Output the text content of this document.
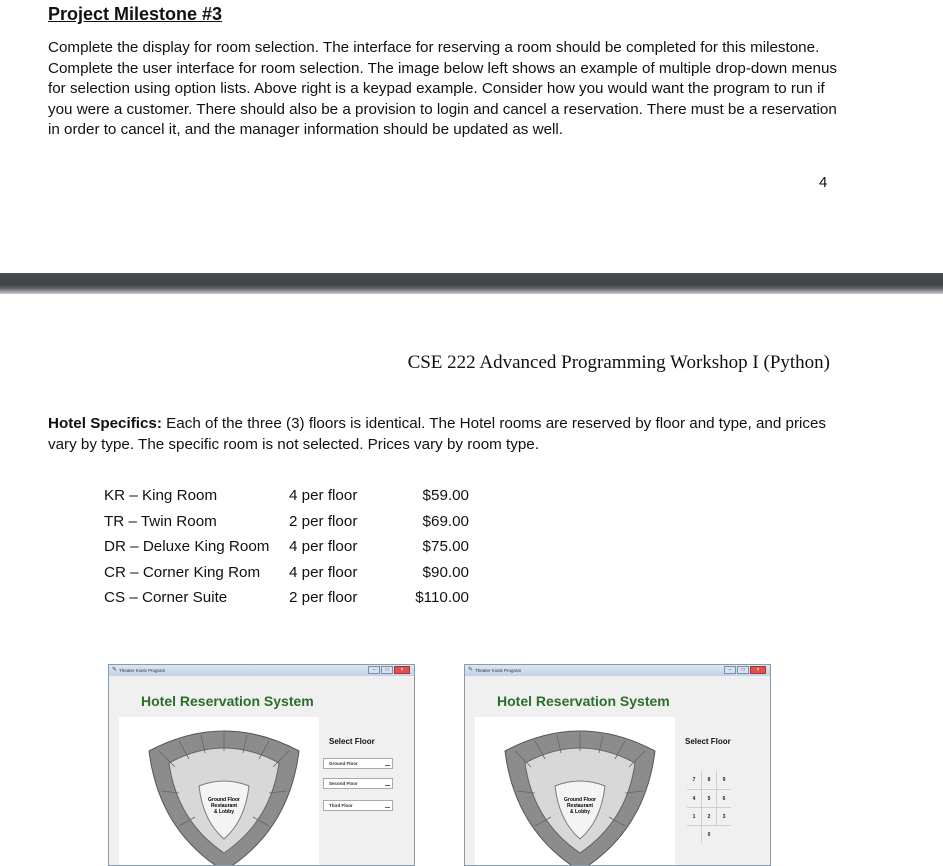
Project Milestone #3

Complete the display for room selection. The interface for reserving a room should be completed for this milestone. Complete the user interface for room selection. The image below left shows an example of multiple drop-down menus for selection using option lists. Above right is a keypad example. Consider how you would want the program to run if you were a customer. There should also be a provision to login and cancel a reservation. There must be a reservation in order to cancel it, and the manager information should be updated as well.

4
CSE 222 Advanced Programming Workshop I (Python)

Hotel Specifics: Each of the three (3) floors is identical. The Hotel rooms are reserved by floor and type, and prices vary by type. The specific room is not selected. Prices vary by room type.

KR – King Room	4 per floor	$59.00
TR – Twin Room	2 per floor	$69.00
DR – Deluxe King Room	4 per floor	$75.00
CR – Corner King Rom	4 per floor	$90.00
CS – Corner Suite	2 per floor	$110.00
✎ Theater Kiosk Program	–	□	×
Hotel Reservation System
Ground Floor
Restaurant
& Lobby
Select Floor
Ground Floor
Second Floor
Third Floor
✎ Theater Kiosk Program	–	□	×
Hotel Reservation System
Ground Floor
Restaurant
& Lobby
Select Floor
7	8	9
4	5	6
1	2	3
0
